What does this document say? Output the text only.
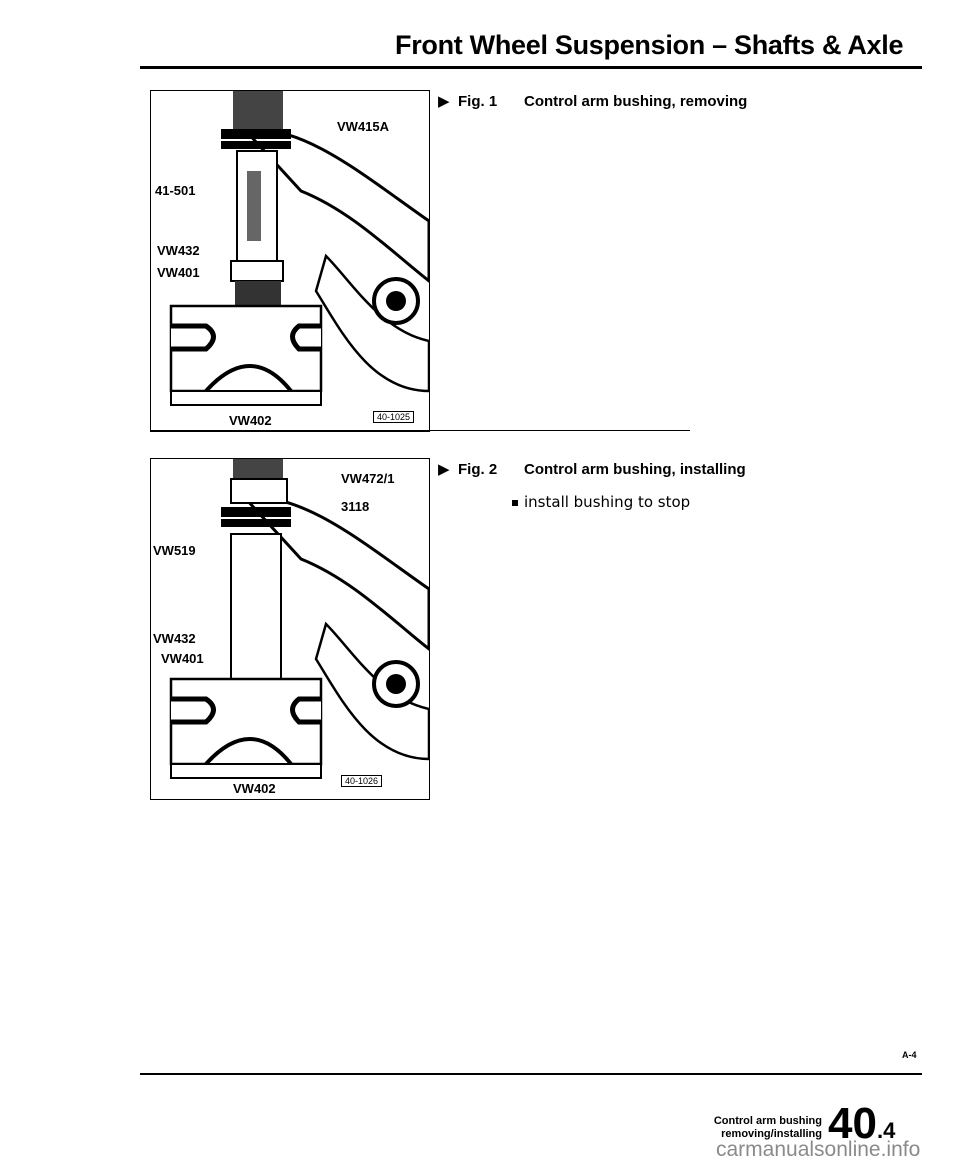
Front Wheel Suspension – Shafts & Axle
VW415A
41-501
VW432
VW401
VW402	40-1025
▶ Fig. 1 Control arm bushing, removing
VW472/1
3118
VW519
VW432
VW401
VW402	40-1026
▶ Fig. 2 Control arm bushing, installing
install bushing to stop
A-4
Control arm bushing
removing/installing 40.4
carmanualsonline.info
